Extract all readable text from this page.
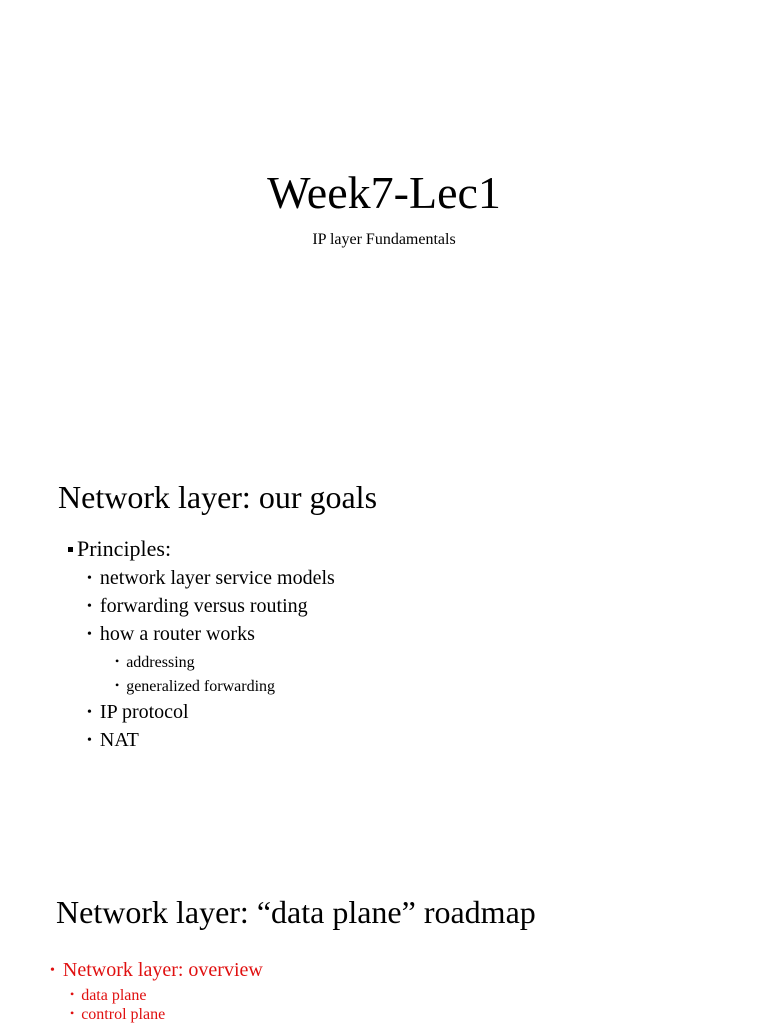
Week7-Lec1
IP layer Fundamentals
Network layer: our goals
Principles:
• network layer service models
• forwarding versus routing
• how a router works
• addressing
• generalized forwarding
• IP protocol
• NAT
Network layer: “data plane” roadmap
• Network layer: overview
• data plane
• control plane
